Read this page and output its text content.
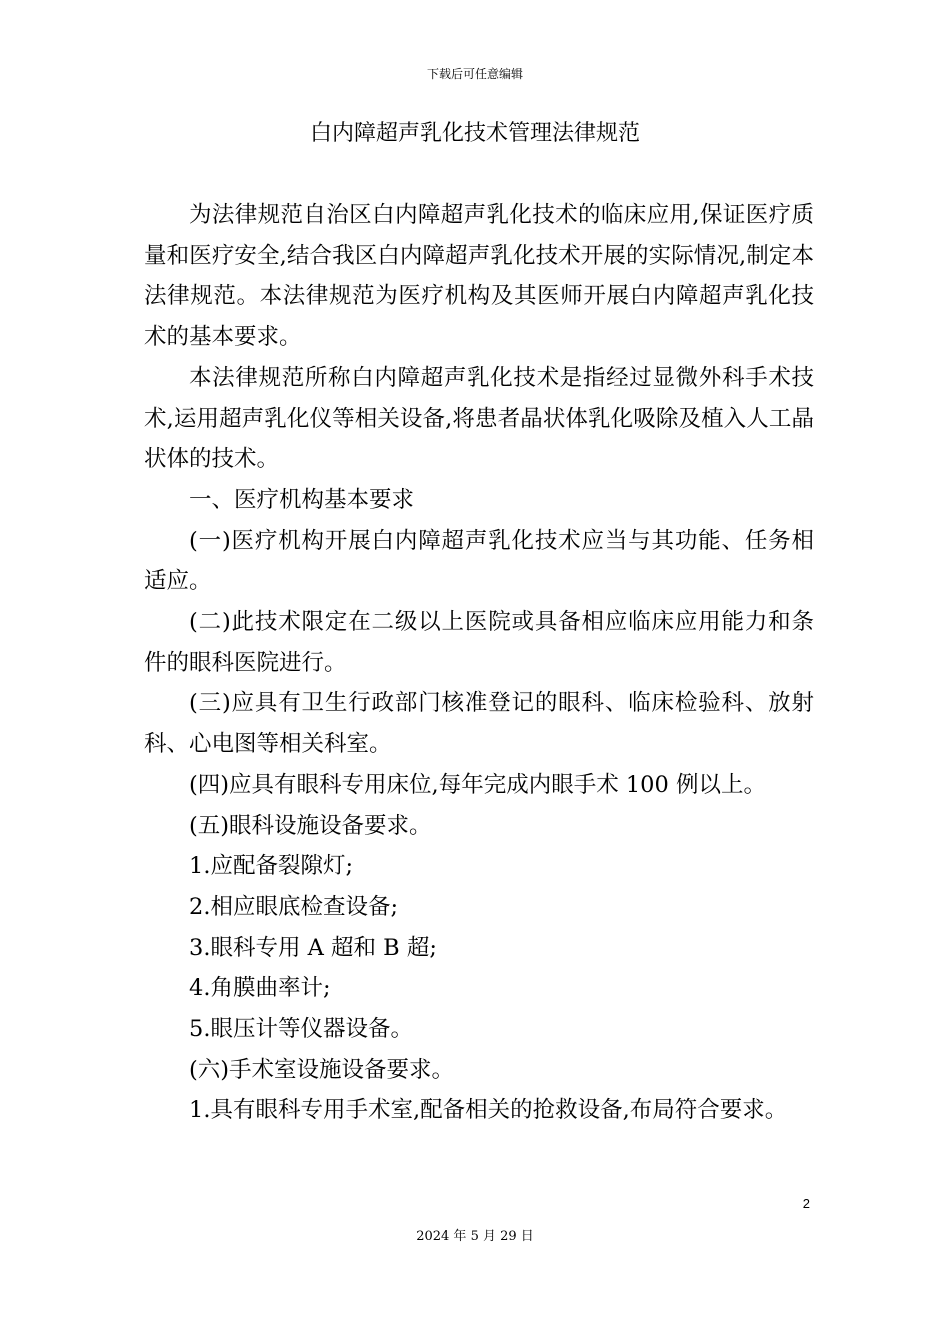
下载后可任意编辑
白内障超声乳化技术管理法律规范

为法律规范自治区白内障超声乳化技术的临床应用,保证医疗质量和医疗安全,结合我区白内障超声乳化技术开展的实际情况,制定本法律规范。本法律规范为医疗机构及其医师开展白内障超声乳化技术的基本要求。

本法律规范所称白内障超声乳化技术是指经过显微外科手术技术,运用超声乳化仪等相关设备,将患者晶状体乳化吸除及植入人工晶状体的技术。

一、医疗机构基本要求

(一)医疗机构开展白内障超声乳化技术应当与其功能、任务相适应。

(二)此技术限定在二级以上医院或具备相应临床应用能力和条件的眼科医院进行。

(三)应具有卫生行政部门核准登记的眼科、临床检验科、放射科、心电图等相关科室。

(四)应具有眼科专用床位,每年完成内眼手术 100 例以上。

(五)眼科设施设备要求。

1.应配备裂隙灯;

2.相应眼底检查设备;

3.眼科专用 A 超和 B 超;

4.角膜曲率计;

5.眼压计等仪器设备。

(六)手术室设施设备要求。

1.具有眼科专用手术室,配备相关的抢救设备,布局符合要求。

2
2024 年 5 月 29 日
